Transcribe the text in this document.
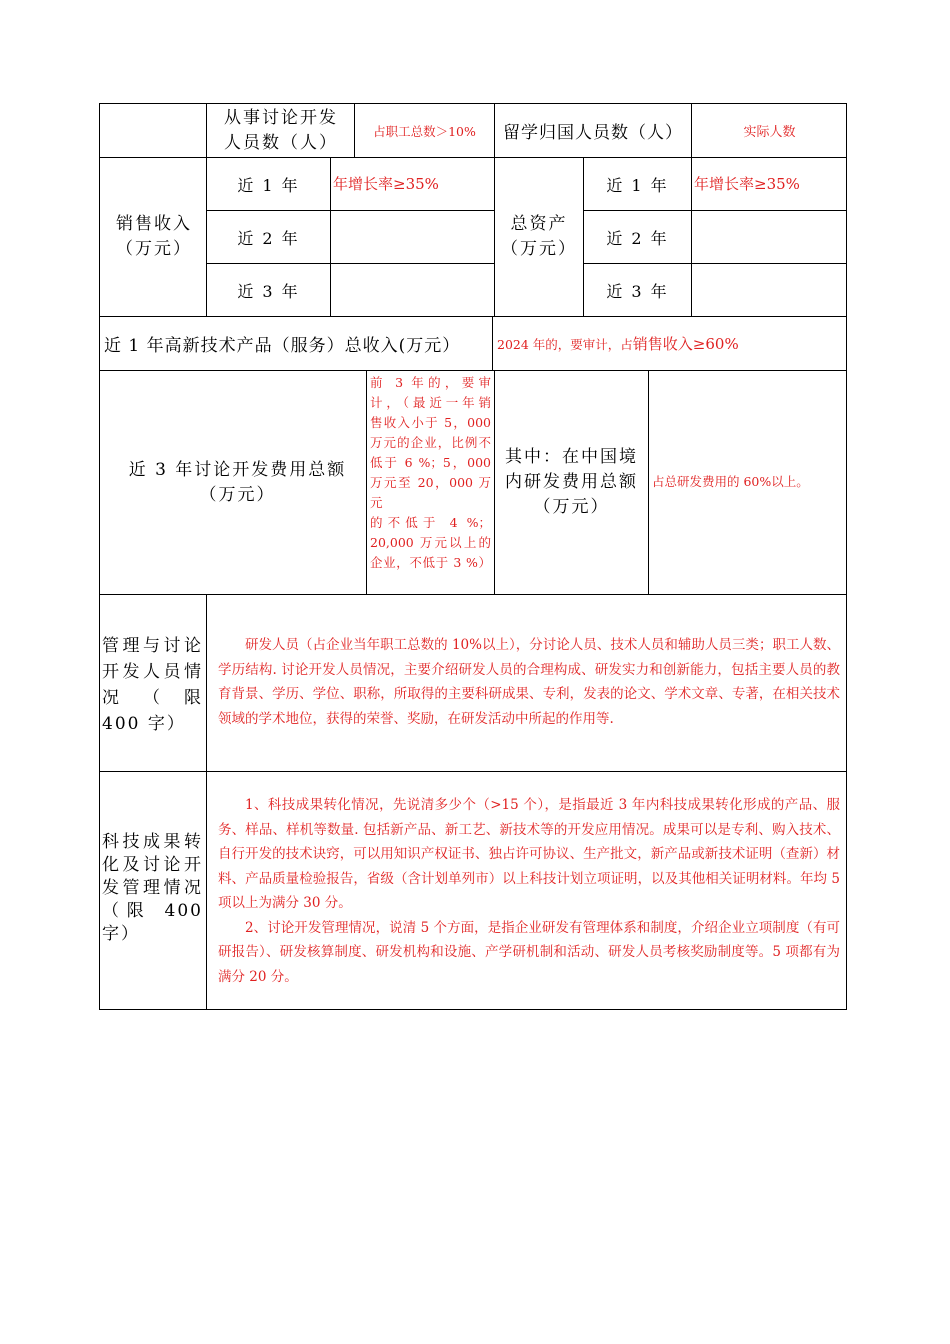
从事讨论开发人员数（人）
占职工总数＞10% 留学归国人员数（人）	实际人数
销售收入（万元）
近 1 年
近 2 年
近 3 年
年增长率≥35%
总资产（万元）
近 1 年
近 2 年
近 3 年
年增长率≥35%
近 1 年高新技术产品（服务）总收入(万元）	2024 年的，要审计，占销售收入≥60%
近 3 年讨论开发费用总额（万元）
前 3 年的，要审
计，（最近一年销
售收入小于 5，000
万元的企业，比例不
低于 6 %；5，000
万元至 20，000 万元
的不低于 4 %；
20,000 万元以上的
企业，不低于 3 %）
其中：在中国境内研发费用总额（万元）
占总研发费用的 60%以上。
管理与讨论开发人员情况（限 400 字）

研发人员（占企业当年职工总数的 10%以上），分讨论人员、技术人员和辅助人员三类；职工人数、学历结构. 讨论开发人员情况，主要介绍研发人员的合理构成、研发实力和创新能力，包括主要人员的教育背景、学历、学位、职称，所取得的主要科研成果、专利，发表的论文、学术文章、专著，在相关技术领域的学术地位，获得的荣誉、奖励，在研发活动中所起的作用等.

科技成果转化及讨论开发管理情况（限 400 字）

1、科技成果转化情况，先说清多少个（>15 个），是指最近 3 年内科技成果转化形成的产品、服务、样品、样机等数量. 包括新产品、新工艺、新技术等的开发应用情况。成果可以是专利、购入技术、自行开发的技术诀窍，可以用知识产权证书、独占许可协议、生产批文，新产品或新技术证明（查新）材料、产品质量检验报告，省级（含计划单列市）以上科技计划立项证明，以及其他相关证明材料。年均 5 项以上为满分 30 分。

2、讨论开发管理情况，说清 5 个方面，是指企业研发有管理体系和制度，介绍企业立项制度（有可研报告）、研发核算制度、研发机构和设施、产学研机制和活动、研发人员考核奖励制度等。5 项都有为满分 20 分。
